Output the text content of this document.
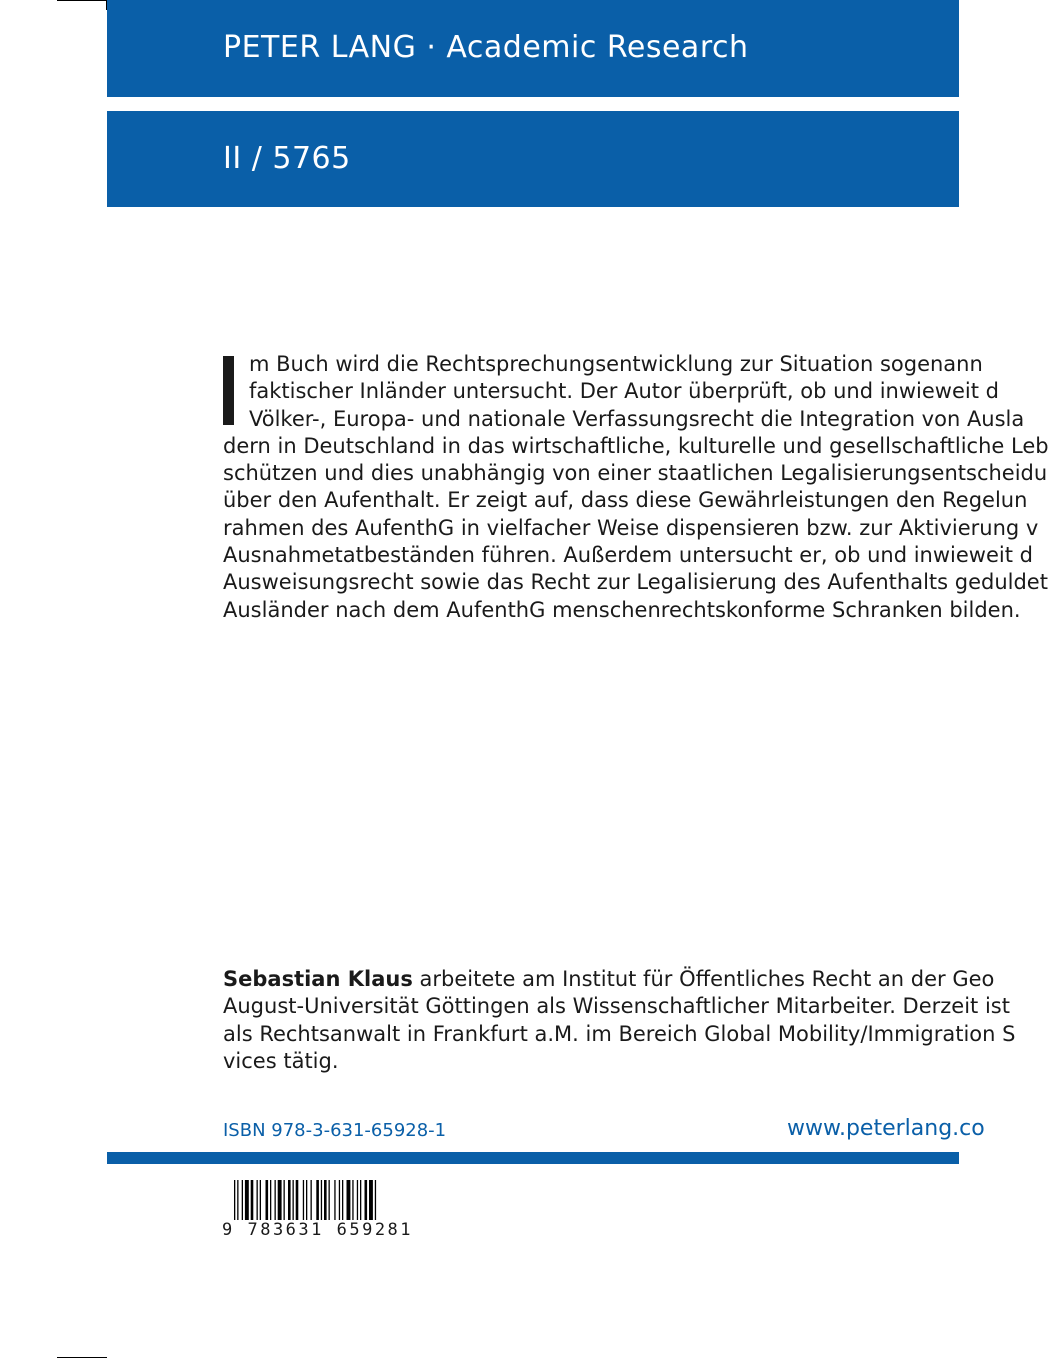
PETER LANG · Academic Research
II / 5765
m Buch wird die Rechtsprechungsentwicklung zur Situation sogenann
faktischer Inländer untersucht. Der Autor überprüft, ob und inwieweit d
Völker-, Europa- und nationale Verfassungsrecht die Integration von Ausla
dern in Deutschland in das wirtschaftliche, kulturelle und gesellschaftliche Leb
schützen und dies unabhängig von einer staatlichen Legalisierungsentscheidu
über den Aufenthalt. Er zeigt auf, dass diese Gewährleistungen den Regelun
rahmen des AufenthG in vielfacher Weise dispensieren bzw. zur Aktivierung v
Ausnahmetatbeständen führen. Außerdem untersucht er, ob und inwieweit d
Ausweisungsrecht sowie das Recht zur Legalisierung des Aufenthalts geduldet
Ausländer nach dem AufenthG menschenrechtskonforme Schranken bilden.
Sebastian Klaus arbeitete am Institut für Öffentliches Recht an der Geo
August-Universität Göttingen als Wissenschaftlicher Mitarbeiter. Derzeit ist
als Rechtsanwalt in Frankfurt a.M. im Bereich Global Mobility/Immigration S
vices tätig.
ISBN 978-3-631-65928-1	www.peterlang.co
9 783631 659281
